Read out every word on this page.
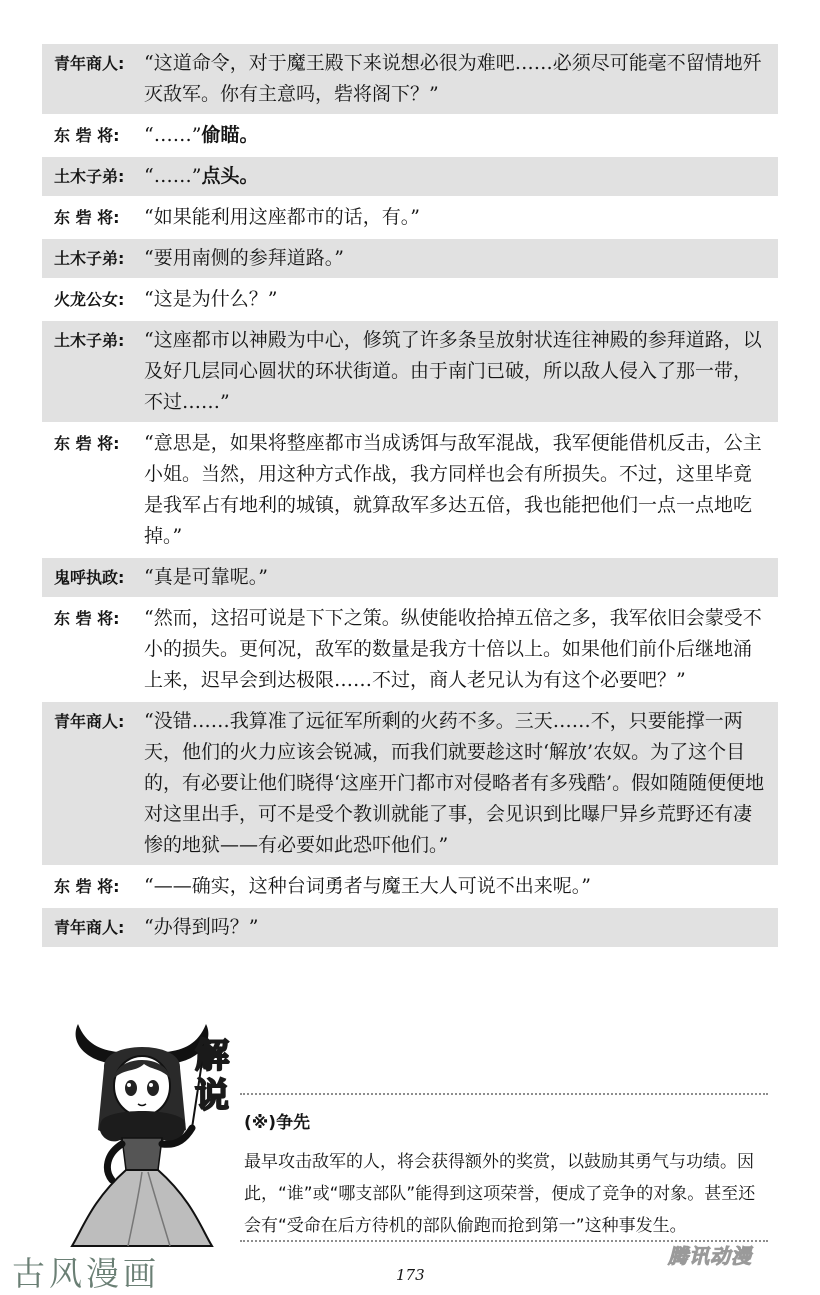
青年商人:	“这道命令，对于魔王殿下来说想必很为难吧……必须尽可能毫不留情地歼灭敌军。你有主意吗，砦将阁下？”
东 砦 将:	“……”偷瞄。
土木子弟:	“……”点头。
东 砦 将:	“如果能利用这座都市的话，有。”
土木子弟:	“要用南侧的参拜道路。”
火龙公女:	“这是为什么？”
土木子弟:	“这座都市以神殿为中心，修筑了许多条呈放射状连往神殿的参拜道路，以及好几层同心圆状的环状街道。由于南门已破，所以敌人侵入了那一带，不过……”
东 砦 将:	“意思是，如果将整座都市当成诱饵与敌军混战，我军便能借机反击，公主小姐。当然，用这种方式作战，我方同样也会有所损失。不过，这里毕竟是我军占有地利的城镇，就算敌军多达五倍，我也能把他们一点一点地吃掉。”
鬼呼执政:	“真是可靠呢。”
东 砦 将:	“然而，这招可说是下下之策。纵使能收拾掉五倍之多，我军依旧会蒙受不小的损失。更何况，敌军的数量是我方十倍以上。如果他们前仆后继地涌上来，迟早会到达极限……不过，商人老兄认为有这个必要吧？”
青年商人:	“没错……我算准了远征军所剩的火药不多。三天……不，只要能撑一两天，他们的火力应该会锐减，而我们就要趁这时‘解放’农奴。为了这个目的，有必要让他们晓得‘这座开门都市对侵略者有多残酷’。假如随随便便地对这里出手，可不是受个教训就能了事，会见识到比曝尸异乡荒野还有凄惨的地狱——有必要如此恐吓他们。”
东 砦 将:	“——确实，这种台词勇者与魔王大人可说不出来呢。”
青年商人:	“办得到吗？”
解说
(※)争先
最早攻击敌军的人，将会获得额外的奖赏，以鼓励其勇气与功绩。因此，“谁”或“哪支部队”能得到这项荣誉，便成了竞争的对象。甚至还会有“受命在后方待机的部队偷跑而抢到第一”这种事发生。
古风漫画	173
腾讯动漫
